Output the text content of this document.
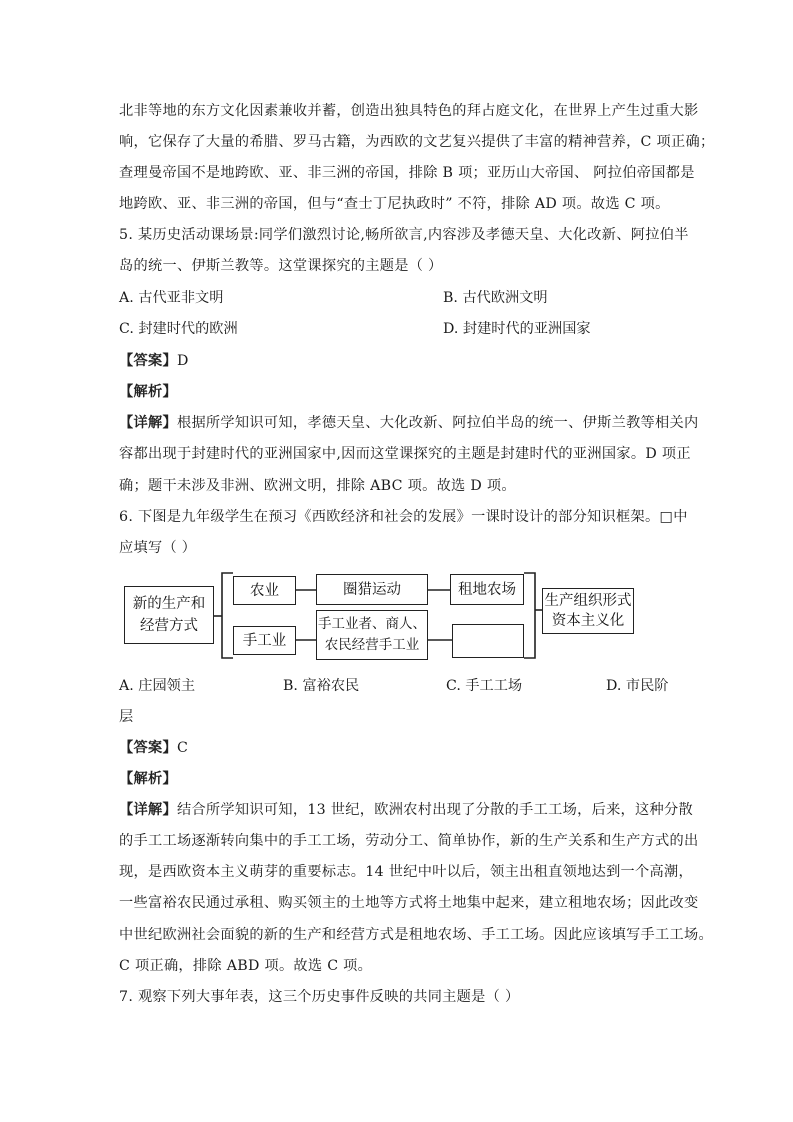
北非等地的东方文化因素兼收并蓄，创造出独具特色的拜占庭文化，在世界上产生过重大影
响，它保存了大量的希腊、罗马古籍，为西欧的文艺复兴提供了丰富的精神营养，C 项正确；
查理曼帝国不是地跨欧、亚、非三洲的帝国，排除 B 项；亚历山大帝国、 阿拉伯帝国都是
地跨欧、亚、非三洲的帝国，但与“查士丁尼执政时” 不符，排除 AD 项。故选 C 项。
5. 某历史活动课场景:同学们激烈讨论,畅所欲言,内容涉及孝德天皇、大化改新、阿拉伯半
岛的统一、伊斯兰教等。这堂课探究的主题是（ ）
A. 古代亚非文明	B. 古代欧洲文明
C. 封建时代的欧洲	D. 封建时代的亚洲国家
【答案】D
【解析】
【详解】根据所学知识可知，孝德天皇、大化改新、阿拉伯半岛的统一、伊斯兰教等相关内
容都出现于封建时代的亚洲国家中,因而这堂课探究的主题是封建时代的亚洲国家。D 项正
确；题干未涉及非洲、欧洲文明，排除 ABC 项。故选 D 项。
6. 下图是九年级学生在预习《西欧经济和社会的发展》一课时设计的部分知识框架。□中
应填写（ ）
新的生产和
经营方式
农业	圈猎运动	租地农场
手工业
手工业者、商人、
农民经营手工业
生产组织形式
资本主义化
A. 庄园领主	B. 富裕农民	C. 手工工场	D. 市民阶
层
【答案】C
【解析】
【详解】结合所学知识可知，13 世纪，欧洲农村出现了分散的手工工场，后来，这种分散
的手工工场逐渐转向集中的手工工场，劳动分工、简单协作，新的生产关系和生产方式的出
现，是西欧资本主义萌芽的重要标志。14 世纪中叶以后，领主出租直领地达到一个高潮，
一些富裕农民通过承租、购买领主的土地等方式将土地集中起来，建立租地农场；因此改变
中世纪欧洲社会面貌的新的生产和经营方式是租地农场、手工工场。因此应该填写手工工场。
C 项正确，排除 ABD 项。故选 C 项。
7. 观察下列大事年表，这三个历史事件反映的共同主题是（ ）
